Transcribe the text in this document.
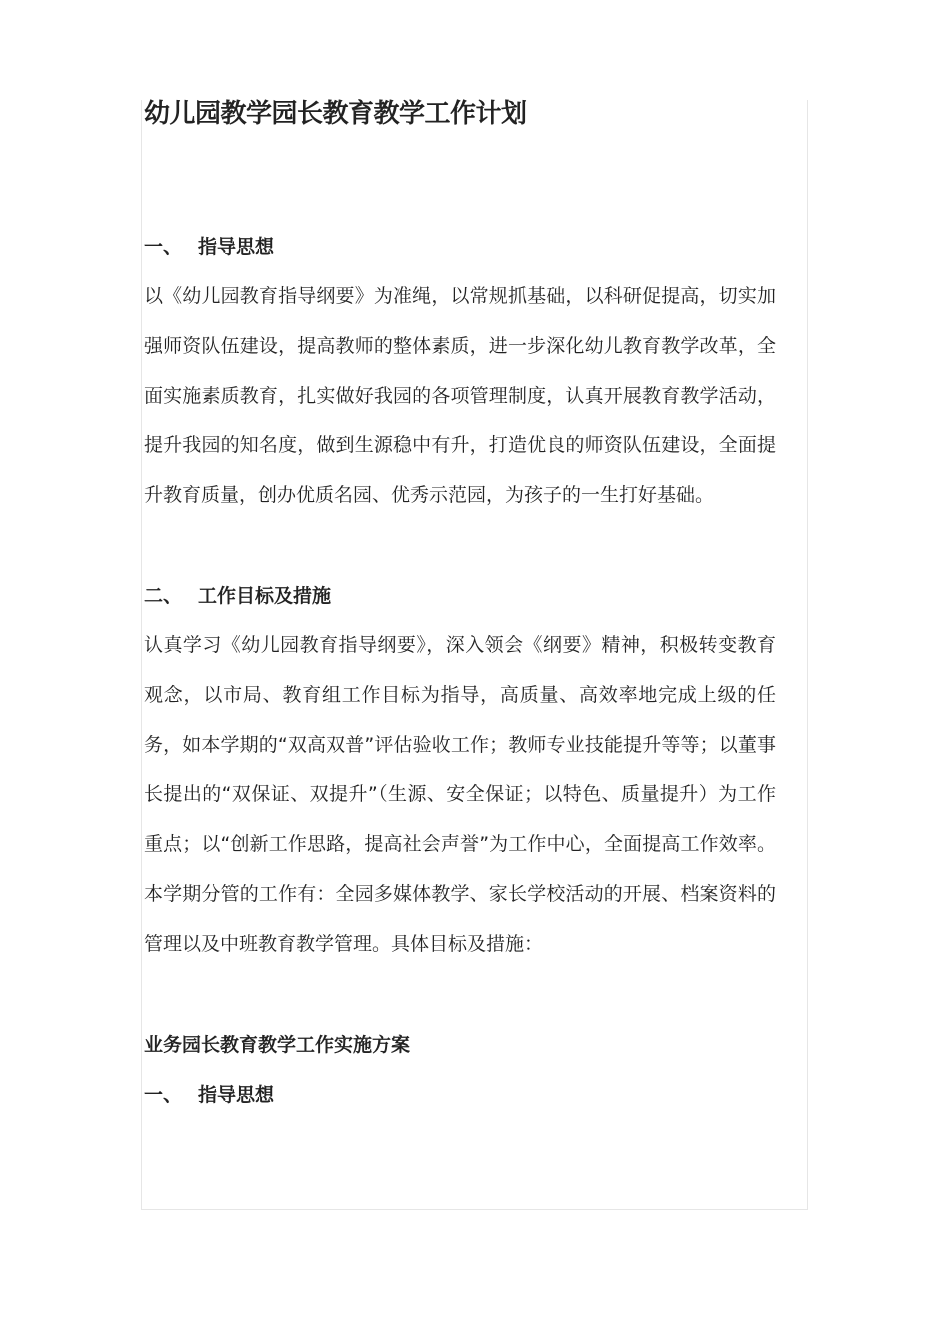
幼儿园教学园长教育教学工作计划
一、 指导思想

以《幼儿园教育指导纲要》为准绳，以常规抓基础，以科研促提高，切实加强师资队伍建设，提高教师的整体素质，进一步深化幼儿教育教学改革，全面实施素质教育，扎实做好我园的各项管理制度，认真开展教育教学活动，提升我园的知名度，做到生源稳中有升，打造优良的师资队伍建设，全面提升教育质量，创办优质名园、优秀示范园，为孩子的一生打好基础。

二、 工作目标及措施

认真学习《幼儿园教育指导纲要》，深入领会《纲要》精神，积极转变教育观念，以市局、教育组工作目标为指导，高质量、高效率地完成上级的任务，如本学期的“双高双普”评估验收工作；教师专业技能提升等等；以董事长提出的“双保证、双提升”（生源、安全保证；以特色、质量提升）为工作重点；以“创新工作思路，提高社会声誉”为工作中心，全面提高工作效率。本学期分管的工作有：全园多媒体教学、家长学校活动的开展、档案资料的管理以及中班教育教学管理。具体目标及措施：

业务园长教育教学工作实施方案
一、 指导思想
